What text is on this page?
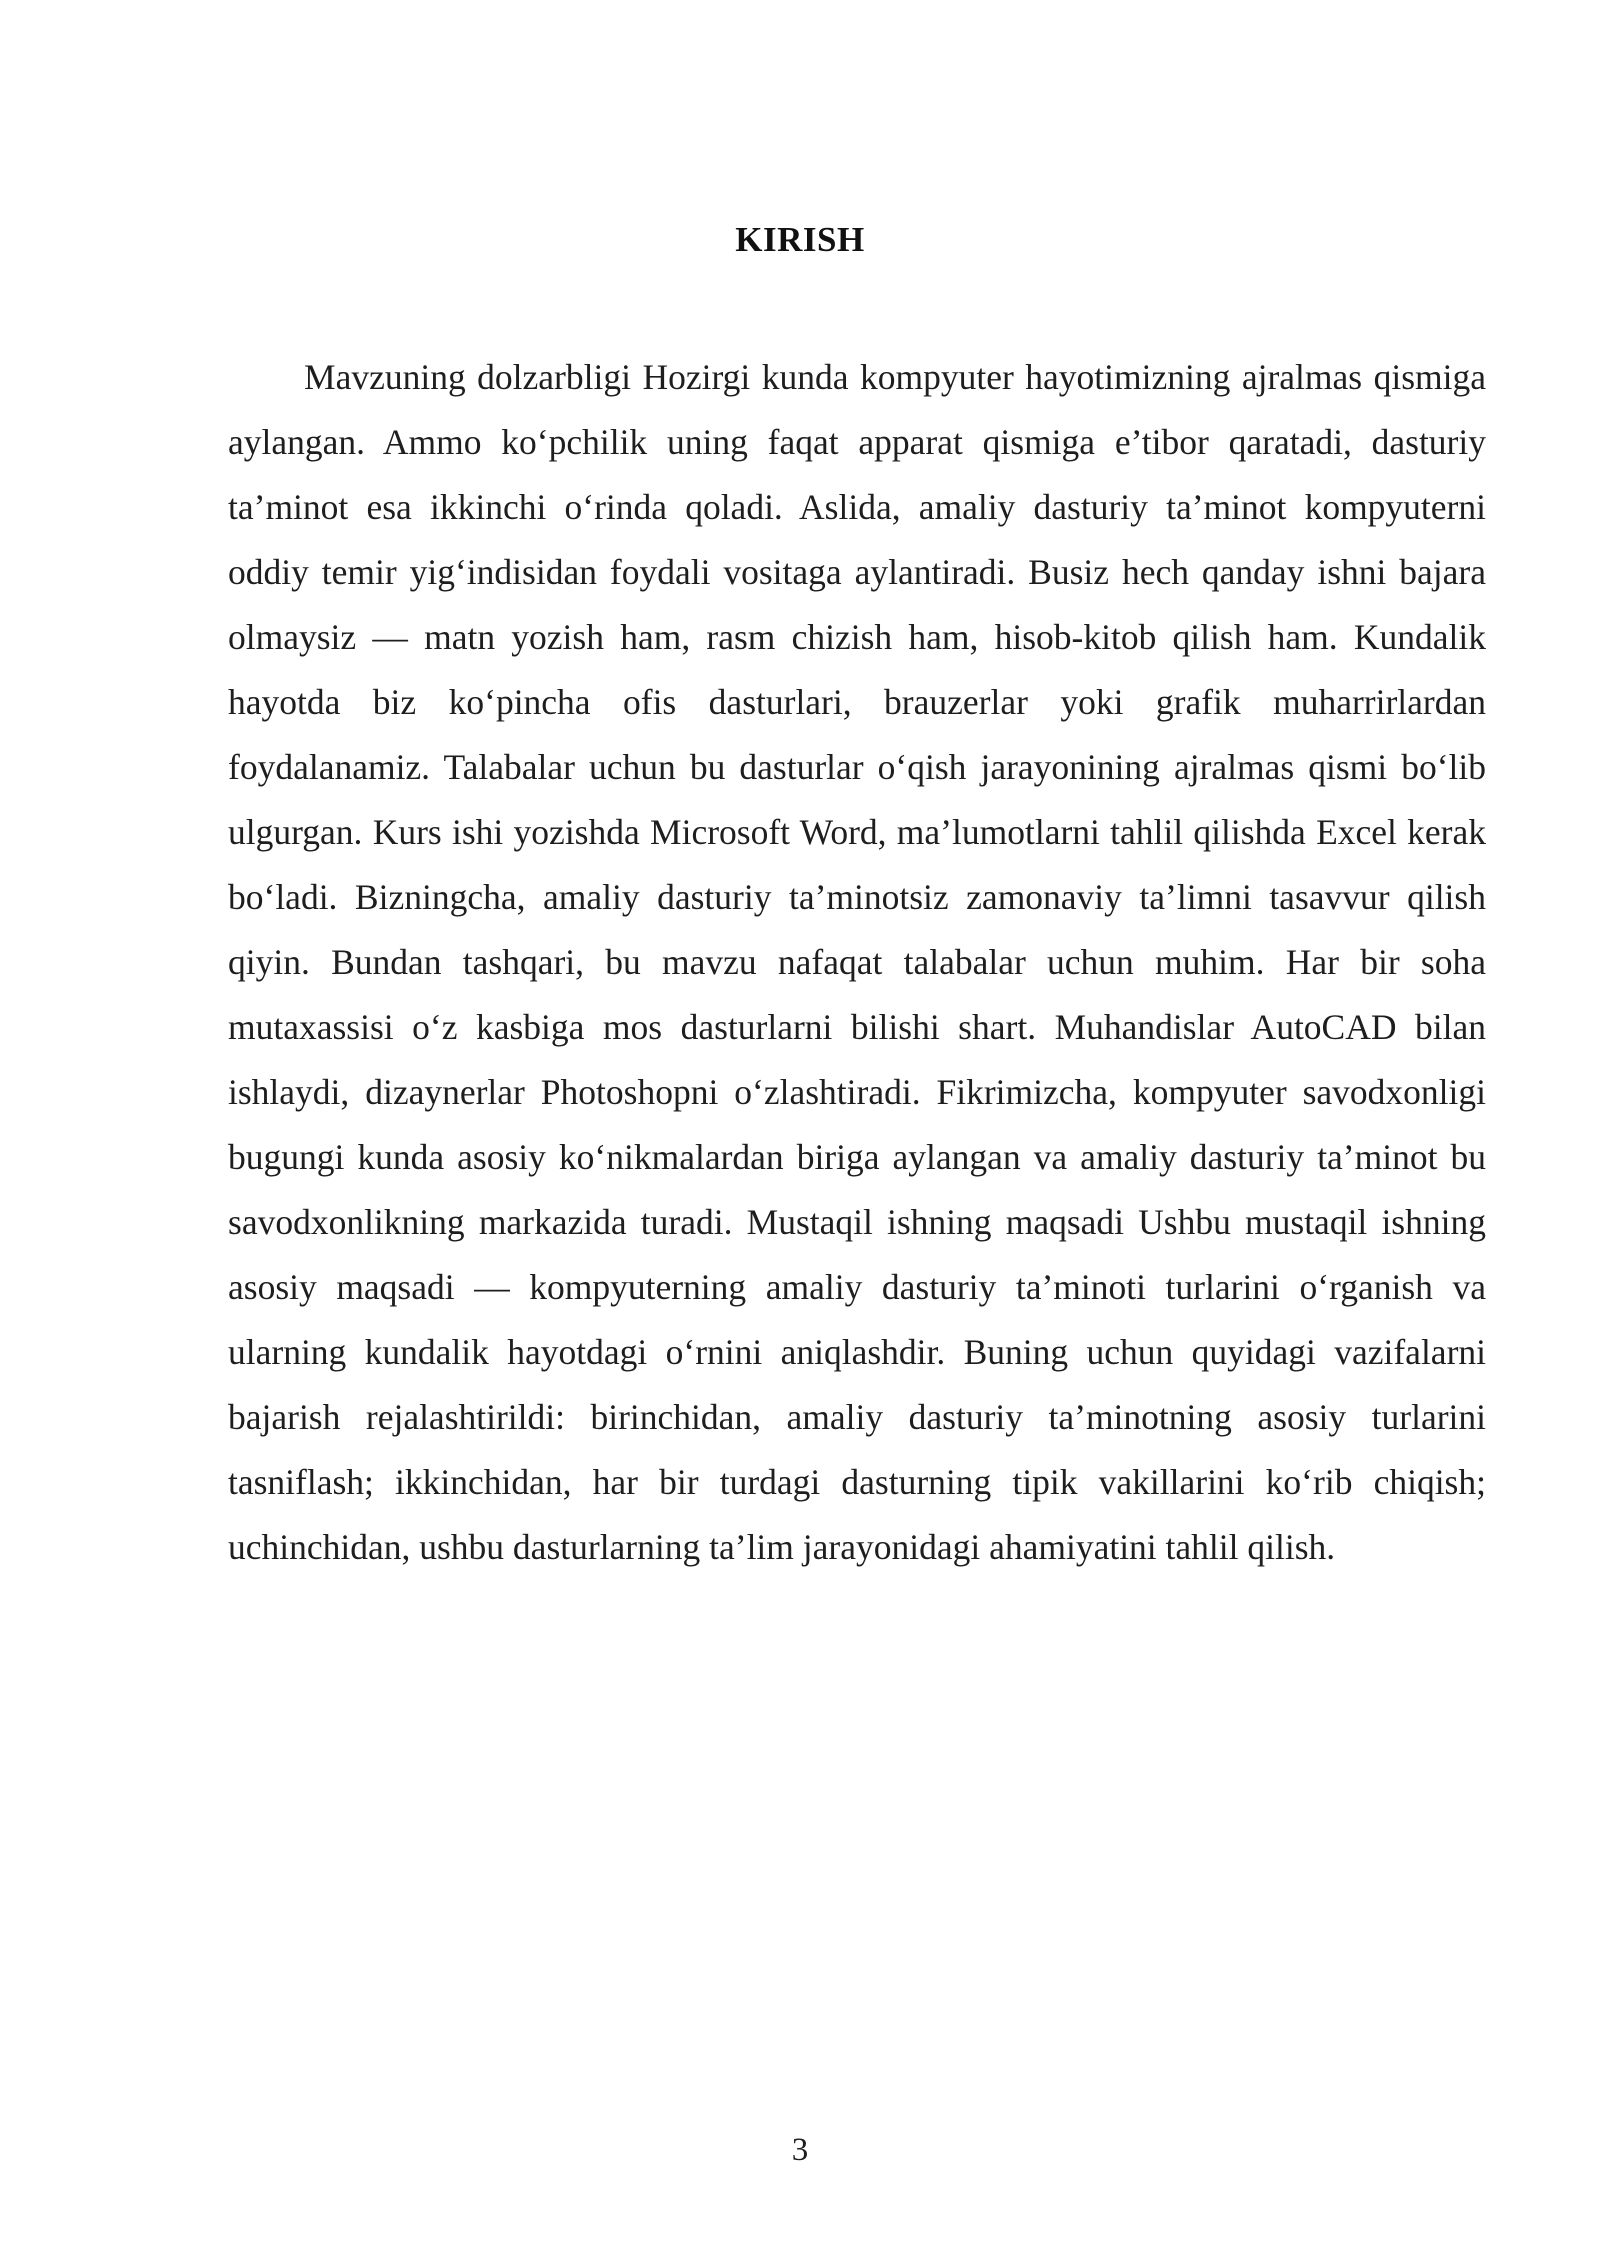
KIRISH

Mavzuning dolzarbligi Hozirgi kunda kompyuter hayotimizning ajralmas qismiga aylangan. Ammo ko‘pchilik uning faqat apparat qismiga e’tibor qaratadi, dasturiy ta’minot esa ikkinchi o‘rinda qoladi. Aslida, amaliy dasturiy ta’minot kompyuterni oddiy temir yig‘indisidan foydali vositaga aylantiradi. Busiz hech qanday ishni bajara olmaysiz — matn yozish ham, rasm chizish ham, hisob-kitob qilish ham. Kundalik hayotda biz ko‘pincha ofis dasturlari, brauzerlar yoki grafik muharrirlardan foydalanamiz. Talabalar uchun bu dasturlar o‘qish jarayonining ajralmas qismi bo‘lib ulgurgan. Kurs ishi yozishda Microsoft Word, ma’lumotlarni tahlil qilishda Excel kerak bo‘ladi. Bizningcha, amaliy dasturiy ta’minotsiz zamonaviy ta’limni tasavvur qilish qiyin. Bundan tashqari, bu mavzu nafaqat talabalar uchun muhim. Har bir soha mutaxassisi o‘z kasbiga mos dasturlarni bilishi shart. Muhandislar AutoCAD bilan ishlaydi, dizaynerlar Photoshopni o‘zlashtiradi. Fikrimizcha, kompyuter savodxonligi bugungi kunda asosiy ko‘nikmalardan biriga aylangan va amaliy dasturiy ta’minot bu savodxonlikning markazida turadi. Mustaqil ishning maqsadi Ushbu mustaqil ishning asosiy maqsadi — kompyuterning amaliy dasturiy ta’minoti turlarini o‘rganish va ularning kundalik hayotdagi o‘rnini aniqlashdir. Buning uchun quyidagi vazifalarni bajarish rejalashtirildi: birinchidan, amaliy dasturiy ta’minotning asosiy turlarini tasniflash; ikkinchidan, har bir turdagi dasturning tipik vakillarini ko‘rib chiqish; uchinchidan, ushbu dasturlarning ta’lim jarayonidagi ahamiyatini tahlil qilish.

3
